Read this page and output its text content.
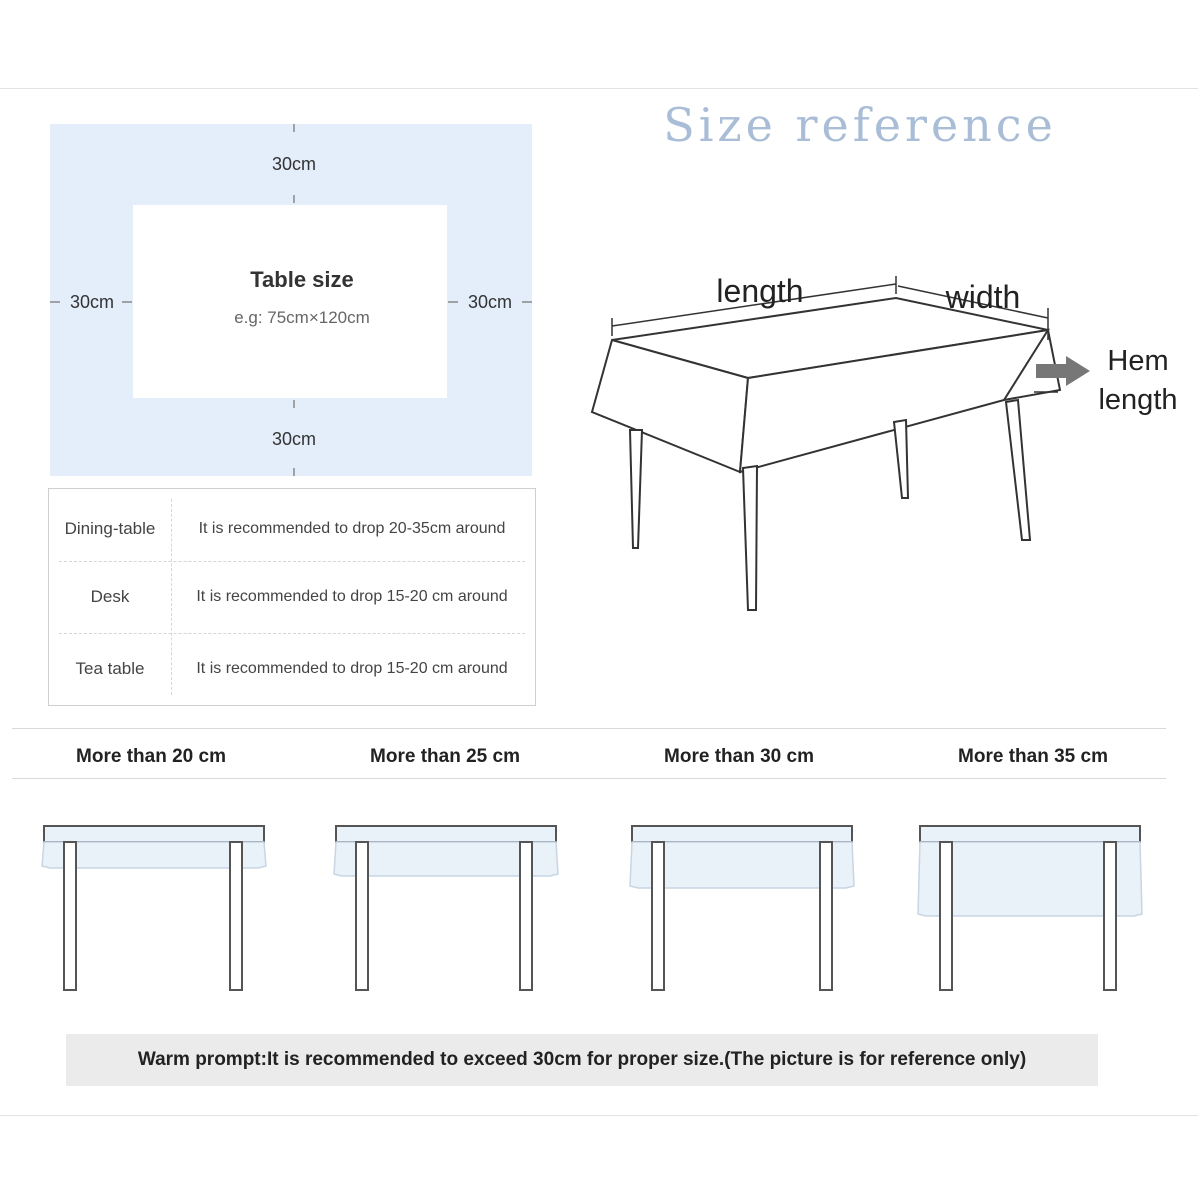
Size reference
30cm
30cm
30cm	30cm
Table size
e.g: 75cm×120cm
length	width
Hem
length
Dining-table	It is recommended to drop 20-35cm around
Desk	It is recommended to drop 15-20 cm around
Tea table	It is recommended to drop 15-20 cm around
More than 20 cm	More than 25 cm	More than 30 cm	More than 35 cm
Warm prompt:It is recommended to exceed 30cm for proper size.(The picture is for reference only)
